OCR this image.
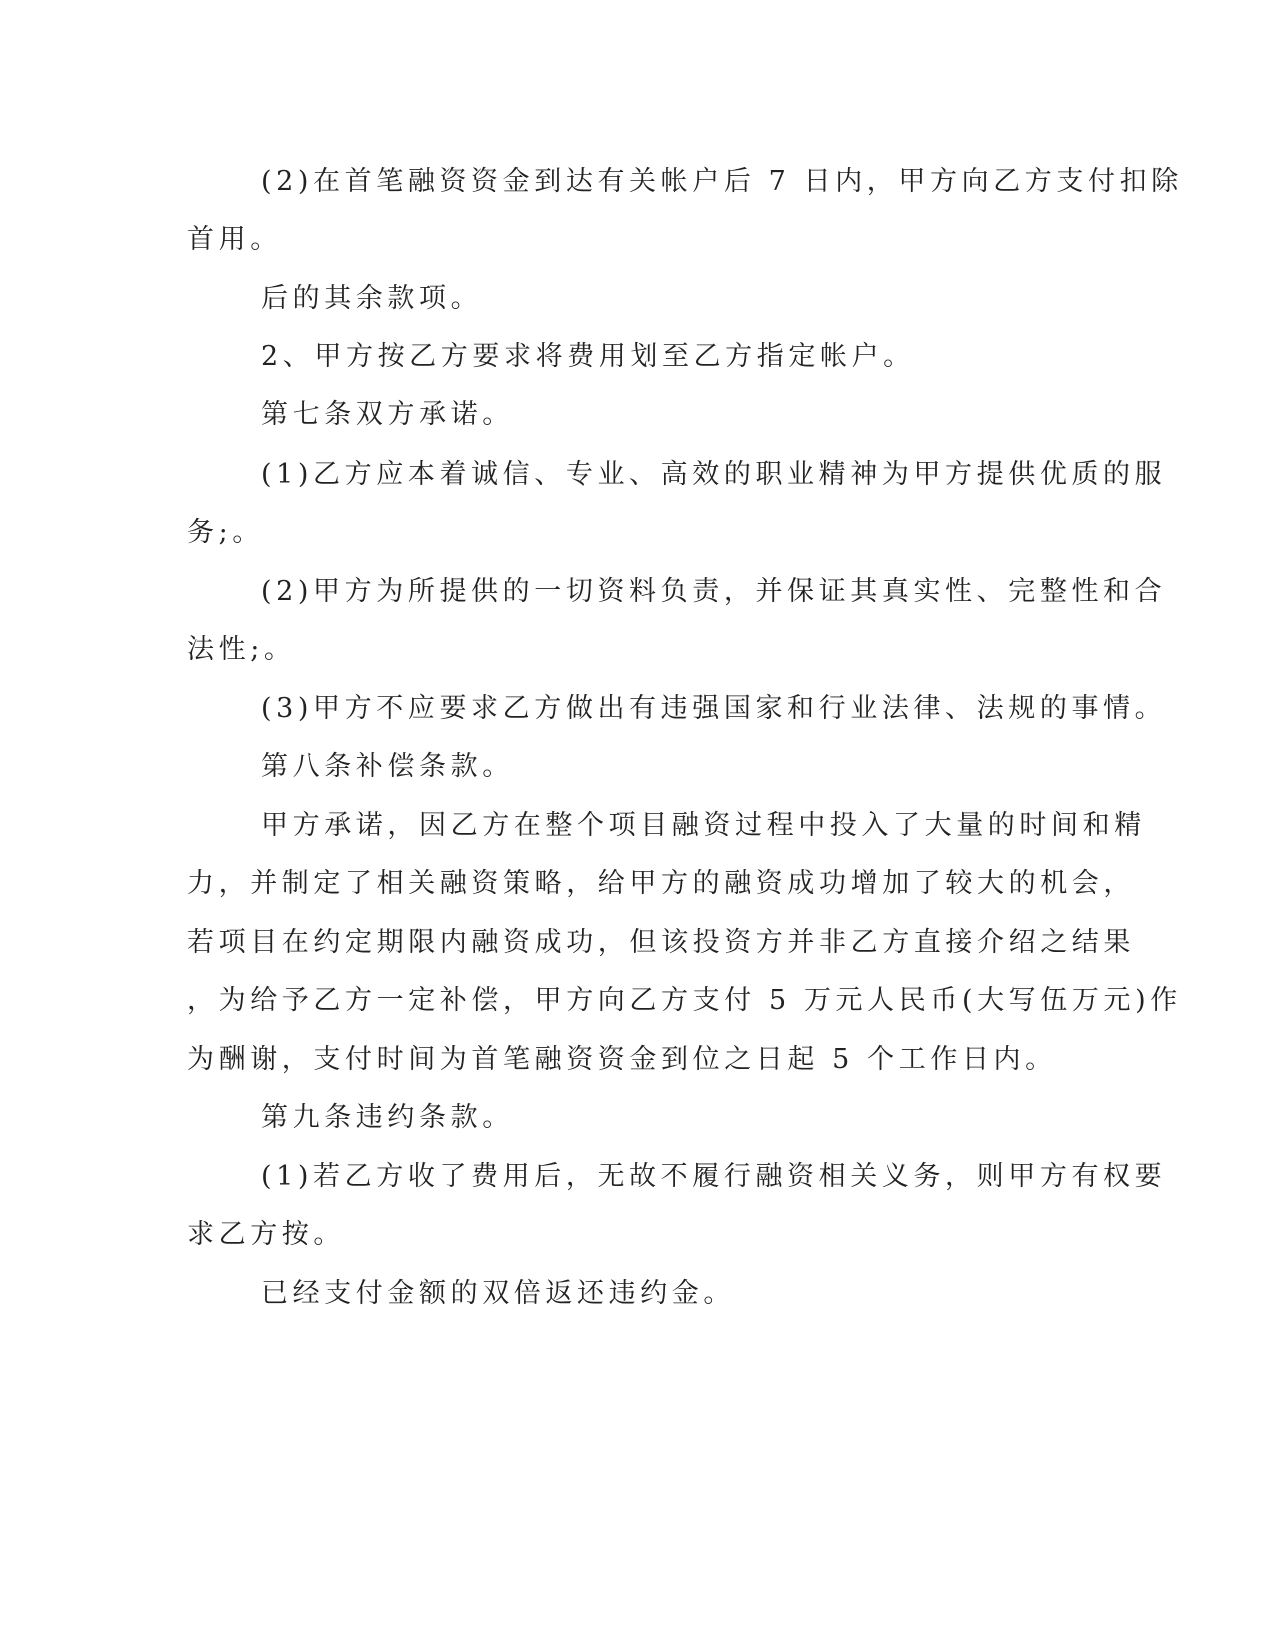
(2)在首笔融资资金到达有关帐户后 7 日内，甲方向乙方支付扣除
首用。
后的其余款项。
2、甲方按乙方要求将费用划至乙方指定帐户。
第七条双方承诺。
(1)乙方应本着诚信、专业、高效的职业精神为甲方提供优质的服
务;。
(2)甲方为所提供的一切资料负责，并保证其真实性、完整性和合
法性;。
(3)甲方不应要求乙方做出有违强国家和行业法律、法规的事情。
第八条补偿条款。
甲方承诺，因乙方在整个项目融资过程中投入了大量的时间和精
力，并制定了相关融资策略，给甲方的融资成功增加了较大的机会，
若项目在约定期限内融资成功，但该投资方并非乙方直接介绍之结果
，为给予乙方一定补偿，甲方向乙方支付 5 万元人民币(大写伍万元)作
为酬谢，支付时间为首笔融资资金到位之日起 5 个工作日内。
第九条违约条款。
(1)若乙方收了费用后，无故不履行融资相关义务，则甲方有权要
求乙方按。
已经支付金额的双倍返还违约金。
